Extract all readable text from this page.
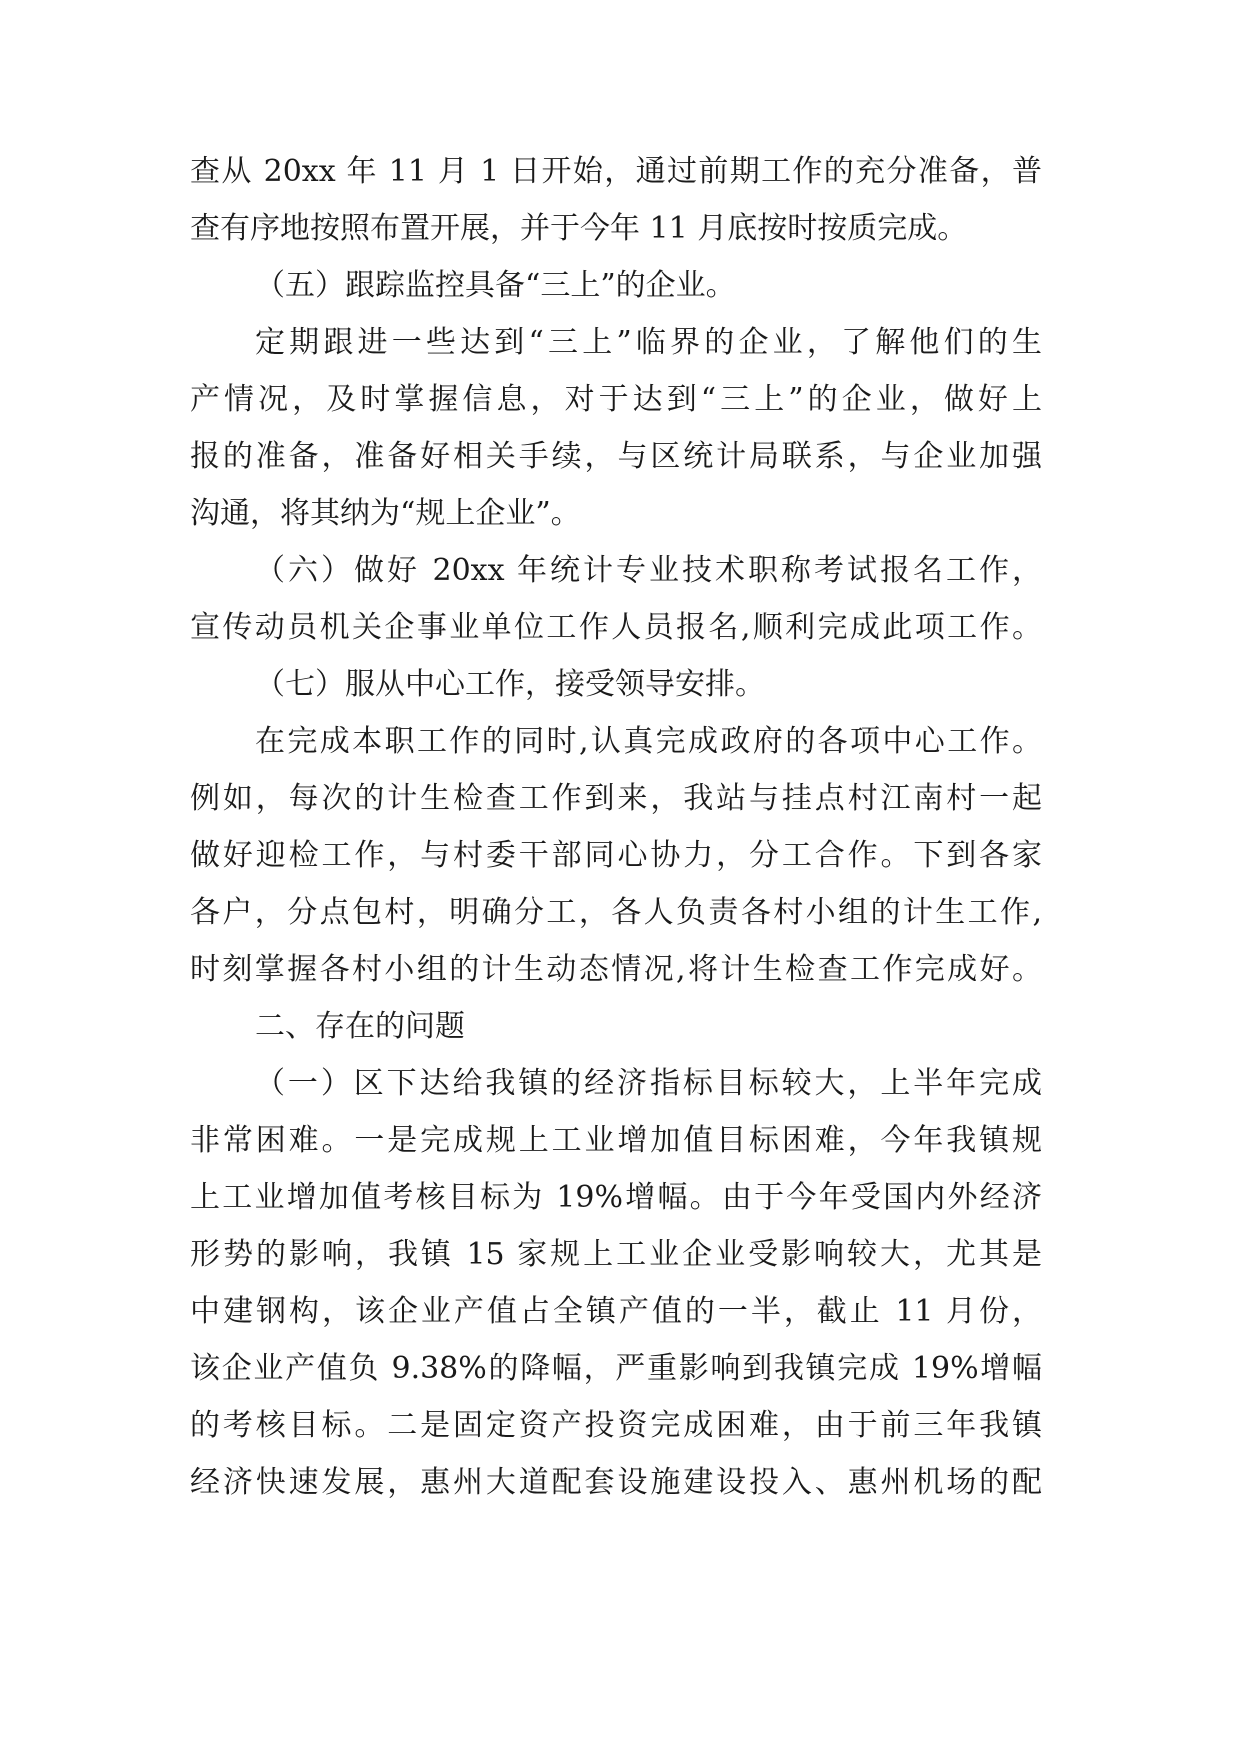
查从 20xx 年 11 月 1 日开始，通过前期工作的充分准备，普
查有序地按照布置开展，并于今年 11 月底按时按质完成。
（五）跟踪监控具备“三上”的企业。
定期跟进一些达到“三上”临界的企业，了解他们的生
产情况，及时掌握信息，对于达到“三上”的企业，做好上
报的准备，准备好相关手续，与区统计局联系，与企业加强
沟通，将其纳为“规上企业”。
（六）做好 20xx 年统计专业技术职称考试报名工作，
宣传动员机关企事业单位工作人员报名,顺利完成此项工作。
（七）服从中心工作，接受领导安排。
在完成本职工作的同时,认真完成政府的各项中心工作。
例如，每次的计生检查工作到来，我站与挂点村江南村一起
做好迎检工作，与村委干部同心协力，分工合作。下到各家
各户，分点包村，明确分工，各人负责各村小组的计生工作,
时刻掌握各村小组的计生动态情况,将计生检查工作完成好。
二、存在的问题
（一）区下达给我镇的经济指标目标较大，上半年完成
非常困难。一是完成规上工业增加值目标困难，今年我镇规
上工业增加值考核目标为 19%增幅。由于今年受国内外经济
形势的影响，我镇 15 家规上工业企业受影响较大，尤其是
中建钢构，该企业产值占全镇产值的一半，截止 11 月份，
该企业产值负 9.38%的降幅，严重影响到我镇完成 19%增幅
的考核目标。二是固定资产投资完成困难，由于前三年我镇
经济快速发展，惠州大道配套设施建设投入、惠州机场的配
